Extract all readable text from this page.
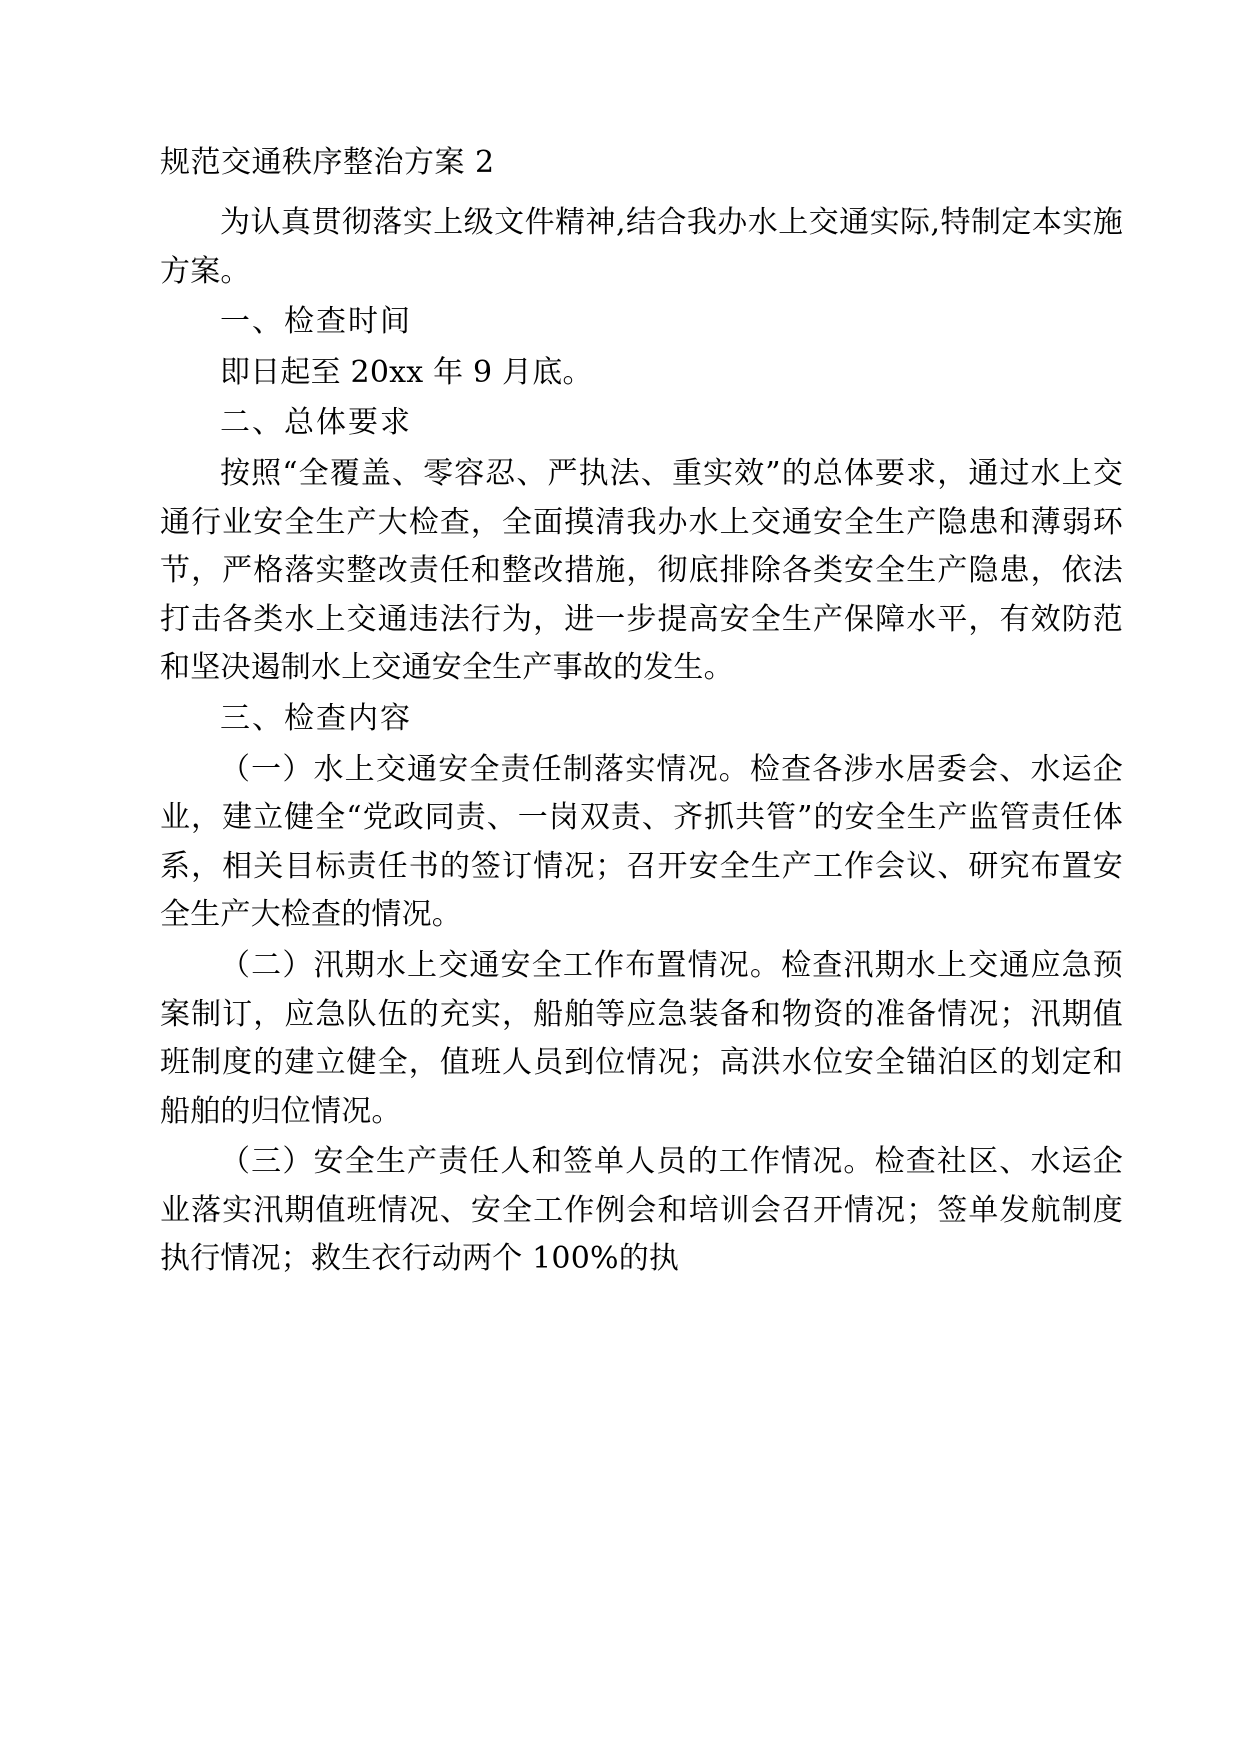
规范交通秩序整治方案 2

为认真贯彻落实上级文件精神,结合我办水上交通实际,特制定本实施方案。

一、检查时间

即日起至 20xx 年 9 月底。

二、总体要求

按照“全覆盖、零容忍、严执法、重实效”的总体要求，通过水上交通行业安全生产大检查，全面摸清我办水上交通安全生产隐患和薄弱环节，严格落实整改责任和整改措施，彻底排除各类安全生产隐患，依法打击各类水上交通违法行为，进一步提高安全生产保障水平，有效防范和坚决遏制水上交通安全生产事故的发生。

三、检查内容

（一）水上交通安全责任制落实情况。检查各涉水居委会、水运企业，建立健全“党政同责、一岗双责、齐抓共管”的安全生产监管责任体系，相关目标责任书的签订情况；召开安全生产工作会议、研究布置安全生产大检查的情况。

（二）汛期水上交通安全工作布置情况。检查汛期水上交通应急预案制订，应急队伍的充实，船舶等应急装备和物资的准备情况；汛期值班制度的建立健全，值班人员到位情况；高洪水位安全锚泊区的划定和船舶的归位情况。

（三）安全生产责任人和签单人员的工作情况。检查社区、水运企业落实汛期值班情况、安全工作例会和培训会召开情况；签单发航制度执行情况；救生衣行动两个 100%的执
